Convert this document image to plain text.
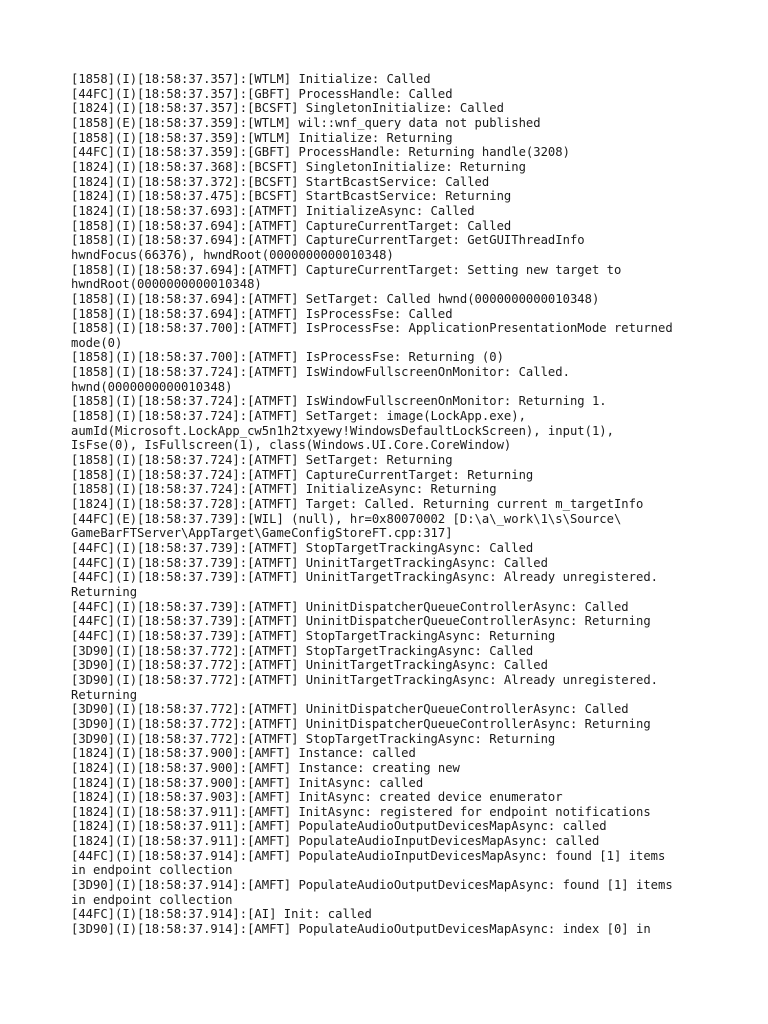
[1858](I)[18:58:37.357]:[WTLM] Initialize: Called
[44FC](I)[18:58:37.357]:[GBFT] ProcessHandle: Called
[1824](I)[18:58:37.357]:[BCSFT] SingletonInitialize: Called
[1858](E)[18:58:37.359]:[WTLM] wil::wnf_query data not published
[1858](I)[18:58:37.359]:[WTLM] Initialize: Returning
[44FC](I)[18:58:37.359]:[GBFT] ProcessHandle: Returning handle(3208)
[1824](I)[18:58:37.368]:[BCSFT] SingletonInitialize: Returning
[1824](I)[18:58:37.372]:[BCSFT] StartBcastService: Called
[1824](I)[18:58:37.475]:[BCSFT] StartBcastService: Returning
[1824](I)[18:58:37.693]:[ATMFT] InitializeAsync: Called
[1858](I)[18:58:37.694]:[ATMFT] CaptureCurrentTarget: Called
[1858](I)[18:58:37.694]:[ATMFT] CaptureCurrentTarget: GetGUIThreadInfo
hwndFocus(66376), hwndRoot(0000000000010348)
[1858](I)[18:58:37.694]:[ATMFT] CaptureCurrentTarget: Setting new target to
hwndRoot(0000000000010348)
[1858](I)[18:58:37.694]:[ATMFT] SetTarget: Called hwnd(0000000000010348)
[1858](I)[18:58:37.694]:[ATMFT] IsProcessFse: Called
[1858](I)[18:58:37.700]:[ATMFT] IsProcessFse: ApplicationPresentationMode returned
mode(0)
[1858](I)[18:58:37.700]:[ATMFT] IsProcessFse: Returning (0)
[1858](I)[18:58:37.724]:[ATMFT] IsWindowFullscreenOnMonitor: Called.
hwnd(0000000000010348)
[1858](I)[18:58:37.724]:[ATMFT] IsWindowFullscreenOnMonitor: Returning 1.
[1858](I)[18:58:37.724]:[ATMFT] SetTarget: image(LockApp.exe),
aumId(Microsoft.LockApp_cw5n1h2txyewy!WindowsDefaultLockScreen), input(1),
IsFse(0), IsFullscreen(1), class(Windows.UI.Core.CoreWindow)
[1858](I)[18:58:37.724]:[ATMFT] SetTarget: Returning
[1858](I)[18:58:37.724]:[ATMFT] CaptureCurrentTarget: Returning
[1858](I)[18:58:37.724]:[ATMFT] InitializeAsync: Returning
[1824](I)[18:58:37.728]:[ATMFT] Target: Called. Returning current m_targetInfo
[44FC](E)[18:58:37.739]:[WIL] (null), hr=0x80070002 [D:\a\_work\1\s\Source\
GameBarFTServer\AppTarget\GameConfigStoreFT.cpp:317]
[44FC](I)[18:58:37.739]:[ATMFT] StopTargetTrackingAsync: Called
[44FC](I)[18:58:37.739]:[ATMFT] UninitTargetTrackingAsync: Called
[44FC](I)[18:58:37.739]:[ATMFT] UninitTargetTrackingAsync: Already unregistered.
Returning
[44FC](I)[18:58:37.739]:[ATMFT] UninitDispatcherQueueControllerAsync: Called
[44FC](I)[18:58:37.739]:[ATMFT] UninitDispatcherQueueControllerAsync: Returning
[44FC](I)[18:58:37.739]:[ATMFT] StopTargetTrackingAsync: Returning
[3D90](I)[18:58:37.772]:[ATMFT] StopTargetTrackingAsync: Called
[3D90](I)[18:58:37.772]:[ATMFT] UninitTargetTrackingAsync: Called
[3D90](I)[18:58:37.772]:[ATMFT] UninitTargetTrackingAsync: Already unregistered.
Returning
[3D90](I)[18:58:37.772]:[ATMFT] UninitDispatcherQueueControllerAsync: Called
[3D90](I)[18:58:37.772]:[ATMFT] UninitDispatcherQueueControllerAsync: Returning
[3D90](I)[18:58:37.772]:[ATMFT] StopTargetTrackingAsync: Returning
[1824](I)[18:58:37.900]:[AMFT] Instance: called
[1824](I)[18:58:37.900]:[AMFT] Instance: creating new
[1824](I)[18:58:37.900]:[AMFT] InitAsync: called
[1824](I)[18:58:37.903]:[AMFT] InitAsync: created device enumerator
[1824](I)[18:58:37.911]:[AMFT] InitAsync: registered for endpoint notifications
[1824](I)[18:58:37.911]:[AMFT] PopulateAudioOutputDevicesMapAsync: called
[1824](I)[18:58:37.911]:[AMFT] PopulateAudioInputDevicesMapAsync: called
[44FC](I)[18:58:37.914]:[AMFT] PopulateAudioInputDevicesMapAsync: found [1] items
in endpoint collection
[3D90](I)[18:58:37.914]:[AMFT] PopulateAudioOutputDevicesMapAsync: found [1] items
in endpoint collection
[44FC](I)[18:58:37.914]:[AI] Init: called
[3D90](I)[18:58:37.914]:[AMFT] PopulateAudioOutputDevicesMapAsync: index [0] in
